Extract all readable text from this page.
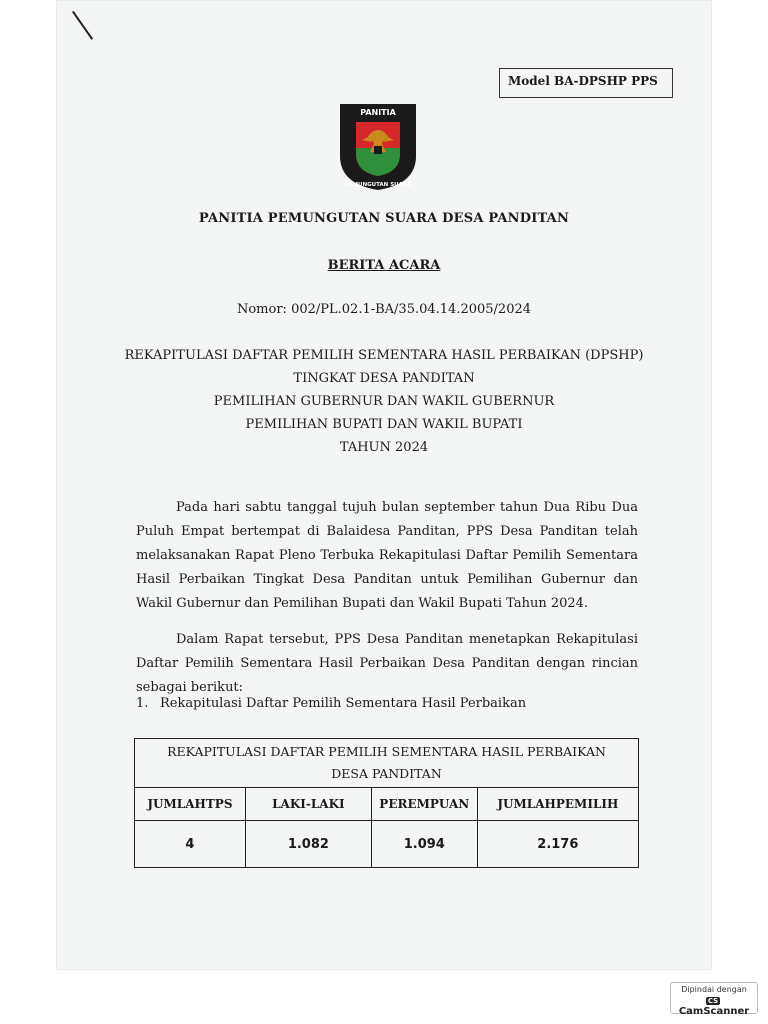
Model BA-DPSHP PPS
PANITIA
PEMUNGUTAN SUARA
PANITIA PEMUNGUTAN SUARA DESA PANDITAN
BERITA ACARA
Nomor: 002/PL.02.1-BA/35.04.14.2005/2024
REKAPITULASI DAFTAR PEMILIH SEMENTARA HASIL PERBAIKAN (DPSHP)
TINGKAT DESA PANDITAN
PEMILIHAN GUBERNUR DAN WAKIL GUBERNUR
PEMILIHAN BUPATI DAN WAKIL BUPATI
TAHUN 2024
Pada hari sabtu tanggal tujuh bulan september tahun Dua Ribu Dua Puluh Empat bertempat di Balaidesa Panditan, PPS Desa Panditan telah melaksanakan Rapat Pleno Terbuka Rekapitulasi Daftar Pemilih Sementara Hasil Perbaikan Tingkat Desa Panditan untuk Pemilihan Gubernur dan Wakil Gubernur dan Pemilihan Bupati dan Wakil Bupati Tahun 2024.
Dalam Rapat tersebut, PPS Desa Panditan menetapkan Rekapitulasi Daftar Pemilih Sementara Hasil Perbaikan Desa Panditan dengan rincian sebagai berikut:
1. Rekapitulasi Daftar Pemilih Sementara Hasil Perbaikan
REKAPITULASI DAFTAR PEMILIH SEMENTARA HASIL PERBAIKAN
DESA PANDITAN			

JUMLAHTPS	LAKI-LAKI	PEREMPUAN	JUMLAHPEMILIH
4	1.082	1.094	2.176
Dipindai dengan
CSCamScanner
